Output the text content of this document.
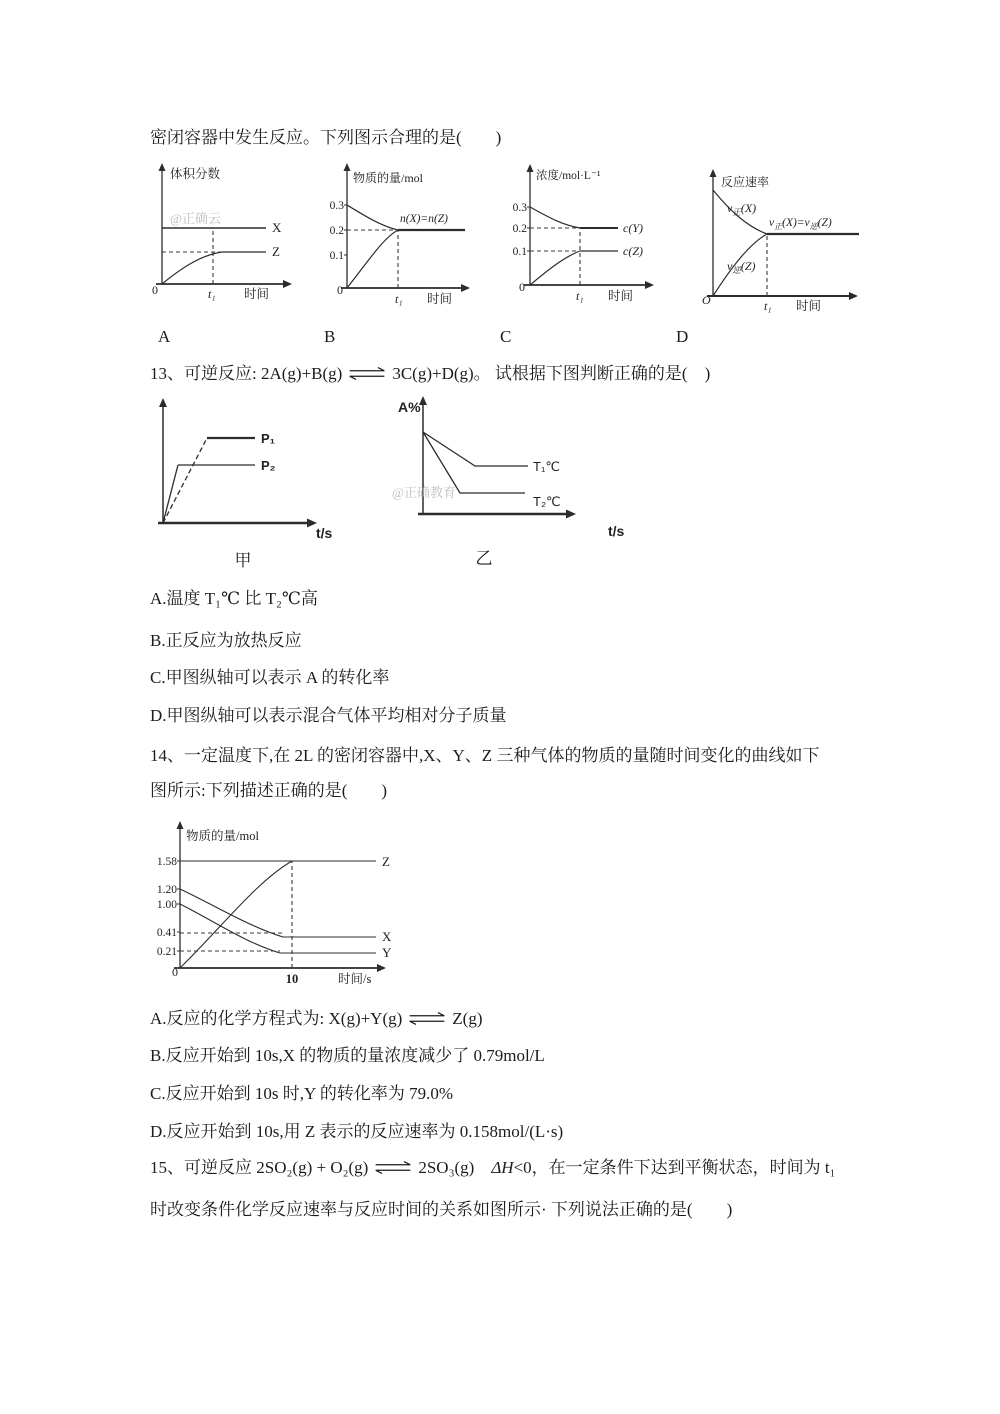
密闭容器中发生反应。下列图示合理的是(　　)
体积分数
@正确云
X
Z
0	t₁ 时间
物质的量/mol
0.3
0.2
0.1
n(X)=n(Z)
0
t₁ 时间
浓度/mol·L⁻¹
0.3
0.2
0.1
c(Y)
c(Z)
0
t₁ 时间
反应速率
$v_正(X)$
$v_逆(Z)$
$v_正(X)=v_逆(Z)$
O	t₁ 时间
A	B	C	D
13、可逆反应: 2A(g)+B(g) ⇌ 3C(g)+D(g)。 试根据下图判断正确的是(　)
P₁
P₂
t/s
甲
A%
T₁℃
T₂℃
@正确教育
t/s
乙
A.温度 T₁℃ 比 T₂℃高
B.正反应为放热反应
C.甲图纵轴可以表示 A 的转化率
D.甲图纵轴可以表示混合气体平均相对分子质量
14、一定温度下,在 2L 的密闭容器中,X、Y、Z 三种气体的物质的量随时间变化的曲线如下
图所示:下列描述正确的是(　　)
物质的量/mol
1.58
1.20
1.00
0.41
0.21
Z
X
Y
0	10	时间/s
A.反应的化学方程式为: X(g)+Y(g) ⇌ Z(g)
B.反应开始到 10s,X 的物质的量浓度减少了 0.79mol/L
C.反应开始到 10s 时,Y 的转化率为 79.0%
D.反应开始到 10s,用 Z 表示的反应速率为 0.158mol/(L·s)
15、可逆反应 2SO₂(g) + O₂(g) ⇌ 2SO₃(g)　ΔH<0，在一定条件下达到平衡状态，时间为 t₁
时改变条件化学反应速率与反应时间的关系如图所示· 下列说法正确的是(　　)
